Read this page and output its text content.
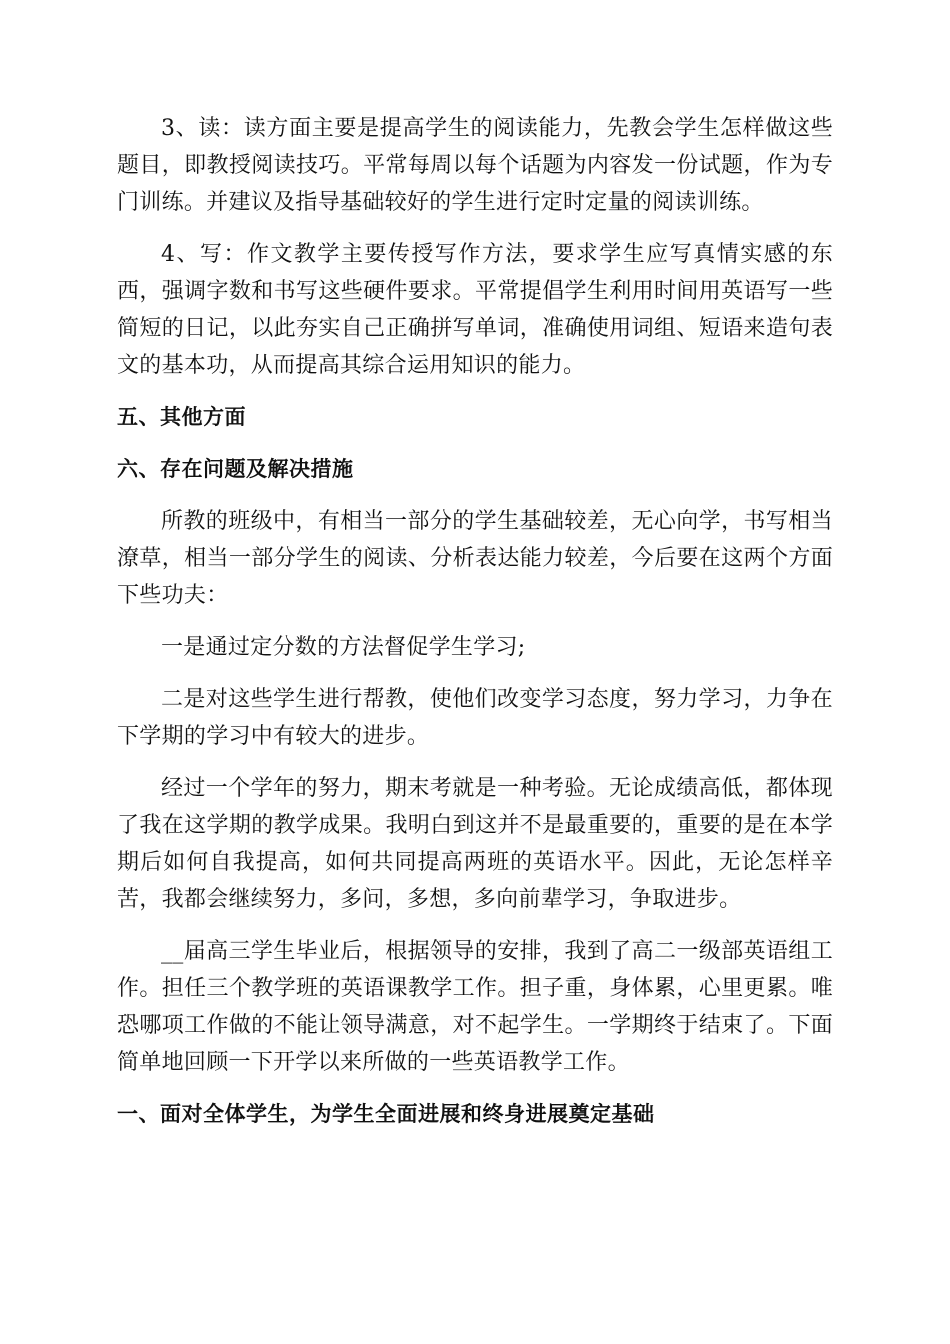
3、读：读方面主要是提高学生的阅读能力，先教会学生怎样做这些题目，即教授阅读技巧。平常每周以每个话题为内容发一份试题，作为专门训练。并建议及指导基础较好的学生进行定时定量的阅读训练。

4、写：作文教学主要传授写作方法，要求学生应写真情实感的东西，强调字数和书写这些硬件要求。平常提倡学生利用时间用英语写一些简短的日记，以此夯实自己正确拼写单词，准确使用词组、短语来造句表文的基本功，从而提高其综合运用知识的能力。

五、其他方面
六、存在问题及解决措施

所教的班级中，有相当一部分的学生基础较差，无心向学，书写相当潦草，相当一部分学生的阅读、分析表达能力较差，今后要在这两个方面下些功夫：

一是通过定分数的方法督促学生学习;

二是对这些学生进行帮教，使他们改变学习态度，努力学习，力争在下学期的学习中有较大的进步。

经过一个学年的努力，期末考就是一种考验。无论成绩高低，都体现了我在这学期的教学成果。我明白到这并不是最重要的，重要的是在本学期后如何自我提高，如何共同提高两班的英语水平。因此，无论怎样辛苦，我都会继续努力，多问，多想，多向前辈学习，争取进步。

__届高三学生毕业后，根据领导的安排，我到了高二一级部英语组工作。担任三个教学班的英语课教学工作。担子重，身体累，心里更累。唯恐哪项工作做的不能让领导满意，对不起学生。一学期终于结束了。下面简单地回顾一下开学以来所做的一些英语教学工作。

一、面对全体学生，为学生全面进展和终身进展奠定基础
